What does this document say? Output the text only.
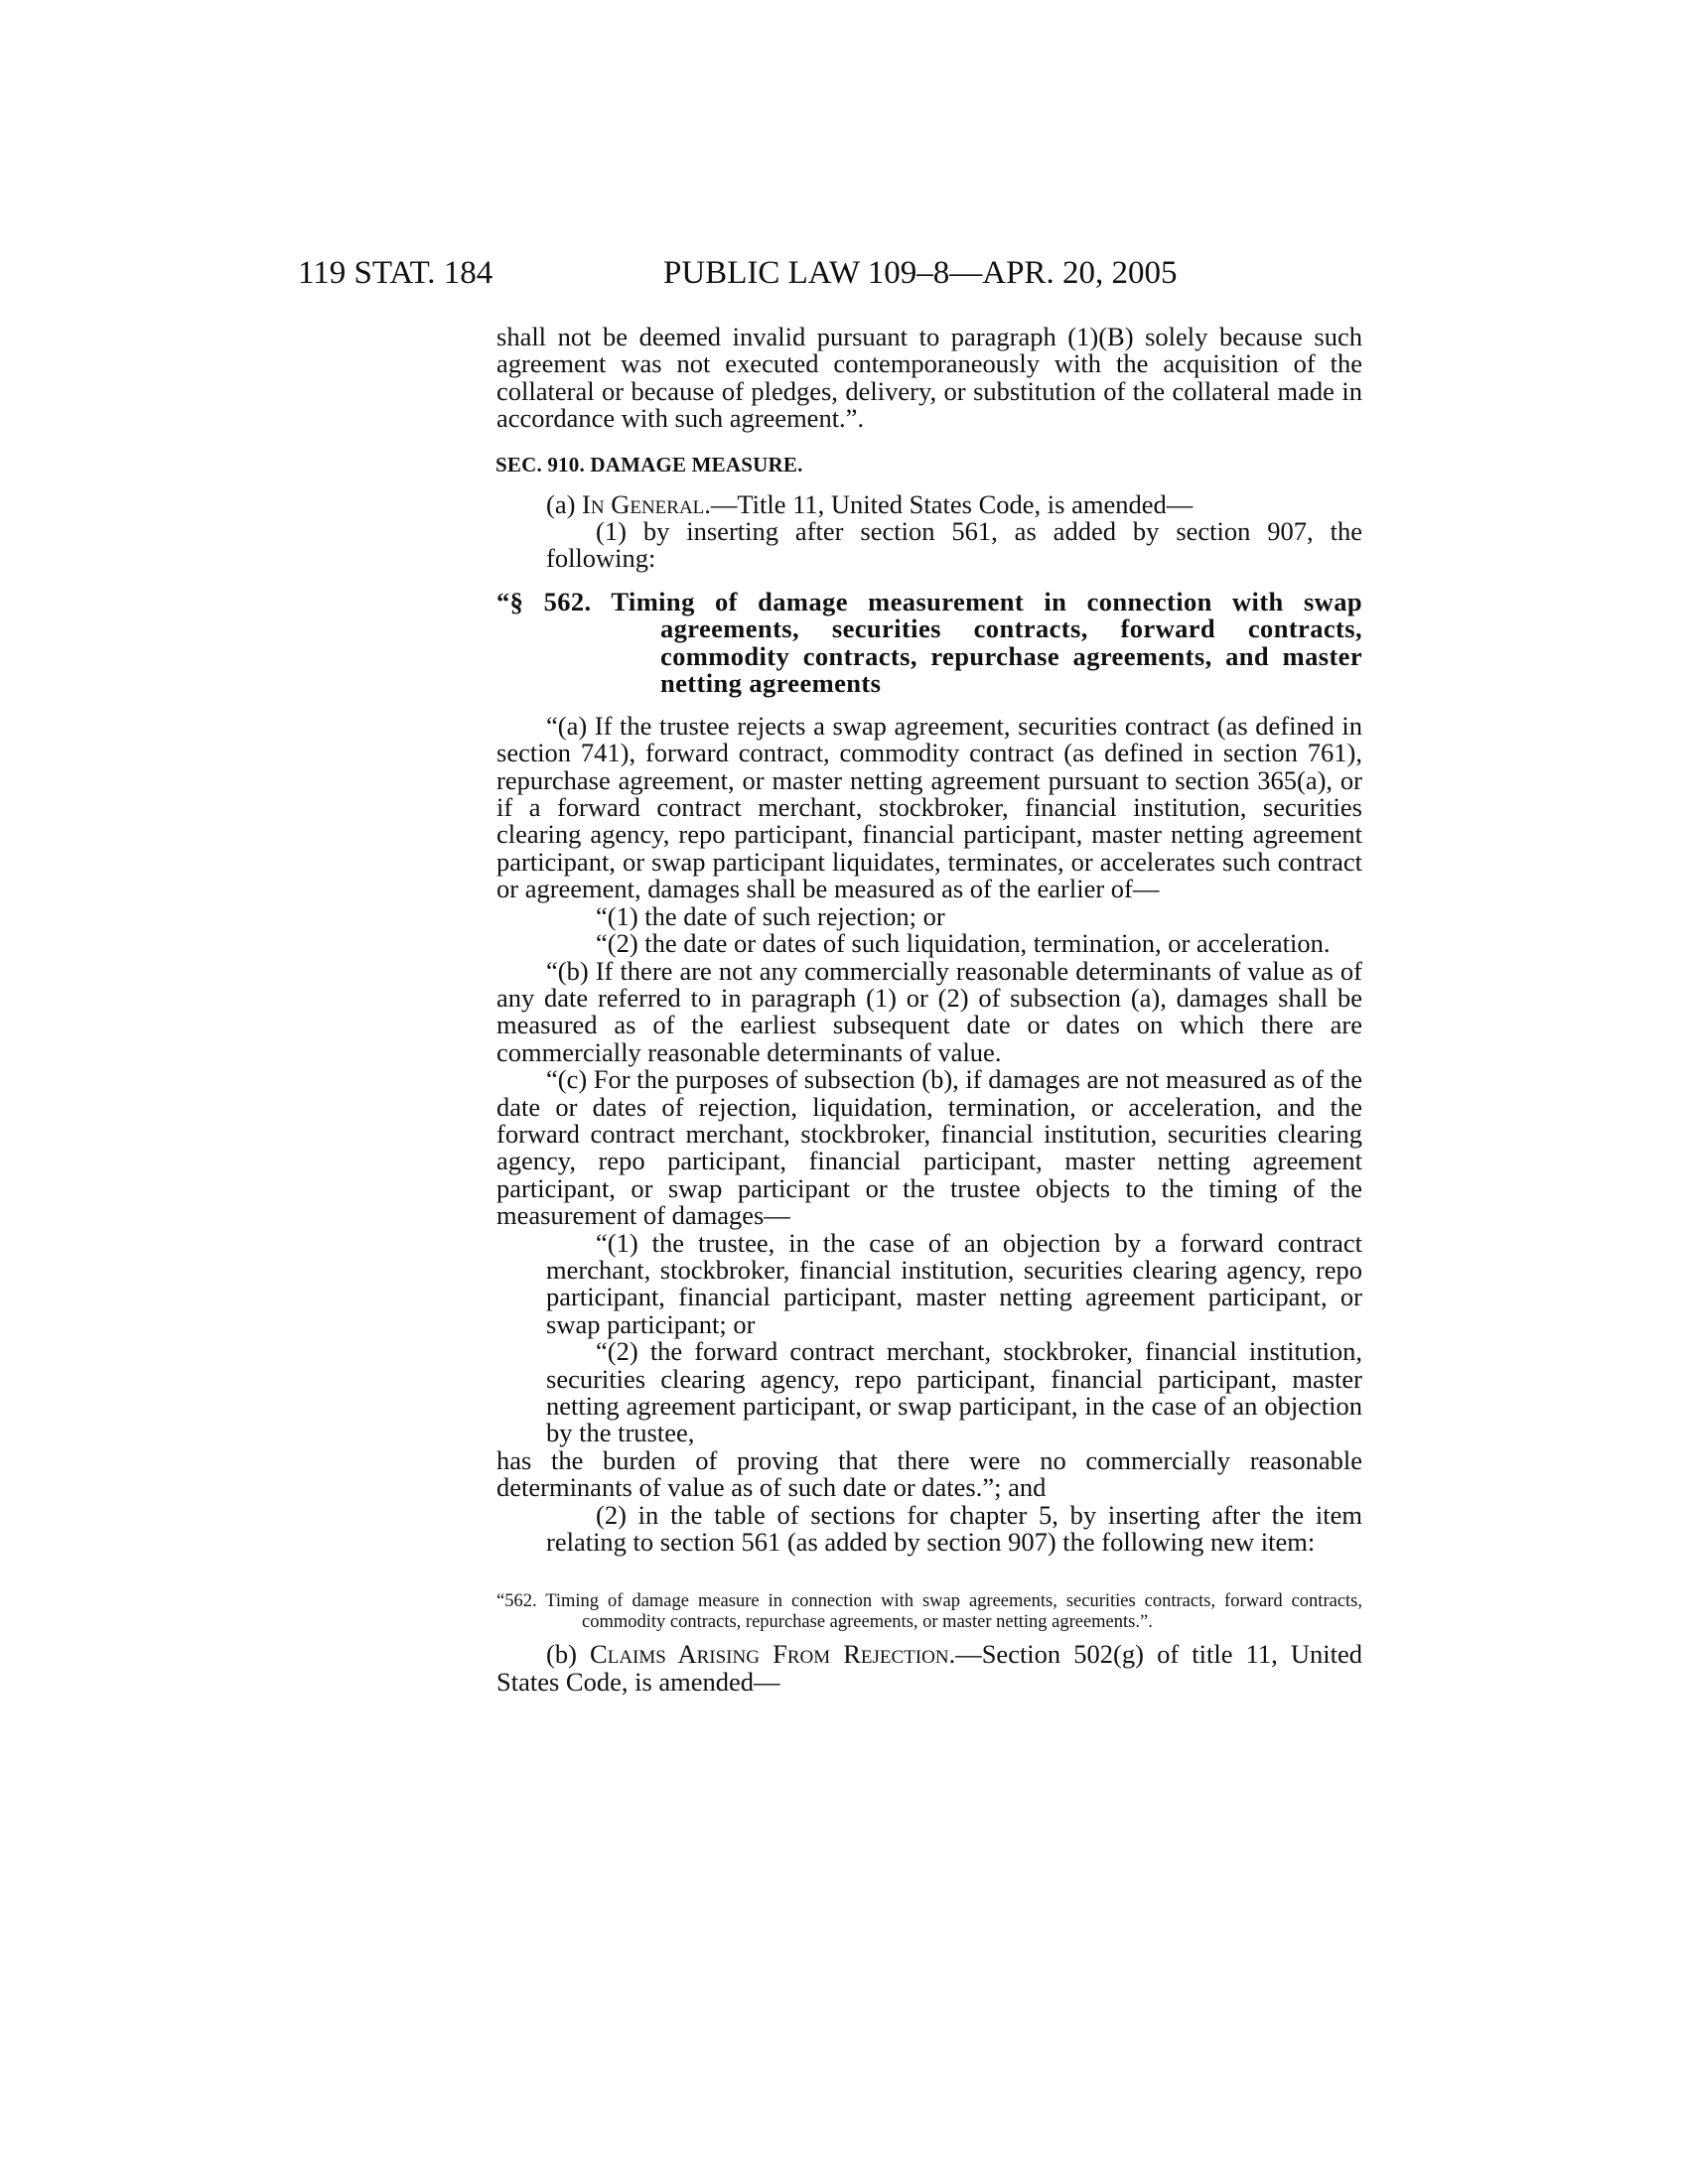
119 STAT. 184	PUBLIC LAW 109–8—APR. 20, 2005

shall not be deemed invalid pursuant to paragraph (1)(B) solely because such agreement was not executed contemporaneously with the acquisition of the collateral or because of pledges, delivery, or substitution of the collateral made in accordance with such agreement.”.

SEC. 910. DAMAGE MEASURE.

(a) In General.—Title 11, United States Code, is amended—

(1) by inserting after section 561, as added by section 907, the following:

“§ 562. Timing of damage measurement in connection with swap agreements, securities contracts, forward contracts, commodity contracts, repurchase agreements, and master netting agreements

“(a) If the trustee rejects a swap agreement, securities contract (as defined in section 741), forward contract, commodity contract (as defined in section 761), repurchase agreement, or master netting agreement pursuant to section 365(a), or if a forward contract merchant, stockbroker, financial institution, securities clearing agency, repo participant, financial participant, master netting agreement participant, or swap participant liquidates, terminates, or accelerates such contract or agreement, damages shall be measured as of the earlier of—

“(1) the date of such rejection; or

“(2) the date or dates of such liquidation, termination, or acceleration.

“(b) If there are not any commercially reasonable determinants of value as of any date referred to in paragraph (1) or (2) of subsection (a), damages shall be measured as of the earliest subsequent date or dates on which there are commercially reasonable determinants of value.

“(c) For the purposes of subsection (b), if damages are not measured as of the date or dates of rejection, liquidation, termination, or acceleration, and the forward contract merchant, stockbroker, financial institution, securities clearing agency, repo participant, financial participant, master netting agreement participant, or swap participant or the trustee objects to the timing of the measurement of damages—

“(1) the trustee, in the case of an objection by a forward contract merchant, stockbroker, financial institution, securities clearing agency, repo participant, financial participant, master netting agreement participant, or swap participant; or

“(2) the forward contract merchant, stockbroker, financial institution, securities clearing agency, repo participant, financial participant, master netting agreement participant, or swap participant, in the case of an objection by the trustee,

has the burden of proving that there were no commercially reasonable determinants of value as of such date or dates.”; and

(2) in the table of sections for chapter 5, by inserting after the item relating to section 561 (as added by section 907) the following new item:

“562. Timing of damage measure in connection with swap agreements, securities contracts, forward contracts, commodity contracts, repurchase agreements, or master netting agreements.”.

(b) Claims Arising From Rejection.—Section 502(g) of title 11, United States Code, is amended—
